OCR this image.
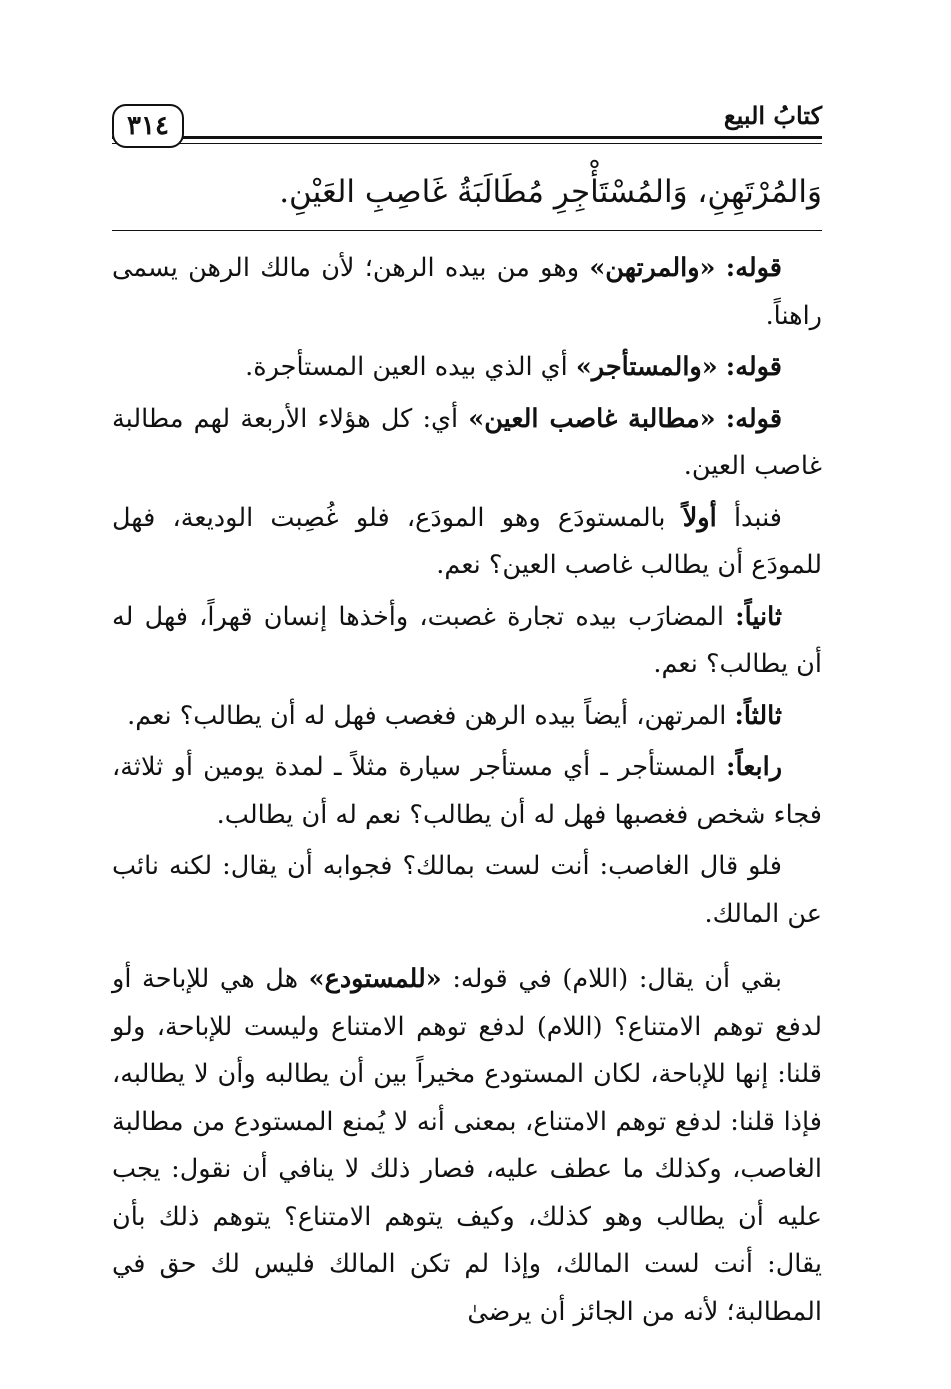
كتابُ البيع
٣١٤
وَالمُرْتَهِنِ، وَالمُسْتَأْجِرِ مُطَالَبَةُ غَاصِبِ العَيْنِ.

قوله: «والمرتهن» وهو من بيده الرهن؛ لأن مالك الرهن يسمى راهناً.

قوله: «والمستأجر» أي الذي بيده العين المستأجرة.

قوله: «مطالبة غاصب العين» أي: كل هؤلاء الأربعة لهم مطالبة غاصب العين.

فنبدأ أولاً بالمستودَع وهو المودَع، فلو غُصِبت الوديعة، فهل للمودَع أن يطالب غاصب العين؟ نعم.

ثانياً: المضارَب بيده تجارة غصبت، وأخذها إنسان قهراً، فهل له أن يطالب؟ نعم.

ثالثاً: المرتهن، أيضاً بيده الرهن فغصب فهل له أن يطالب؟ نعم.

رابعاً: المستأجر ـ أي مستأجر سيارة مثلاً ـ لمدة يومين أو ثلاثة، فجاء شخص فغصبها فهل له أن يطالب؟ نعم له أن يطالب.

فلو قال الغاصب: أنت لست بمالك؟ فجوابه أن يقال: لكنه نائب عن المالك.

بقي أن يقال: (اللام) في قوله: «للمستودع» هل هي للإباحة أو لدفع توهم الامتناع؟ (اللام) لدفع توهم الامتناع وليست للإباحة، ولو قلنا: إنها للإباحة، لكان المستودع مخيراً بين أن يطالبه وأن لا يطالبه، فإذا قلنا: لدفع توهم الامتناع، بمعنى أنه لا يُمنع المستودع من مطالبة الغاصب، وكذلك ما عطف عليه، فصار ذلك لا ينافي أن نقول: يجب عليه أن يطالب وهو كذلك، وكيف يتوهم الامتناع؟ يتوهم ذلك بأن يقال: أنت لست المالك، وإذا لم تكن المالك فليس لك حق في المطالبة؛ لأنه من الجائز أن يرضىٰ
